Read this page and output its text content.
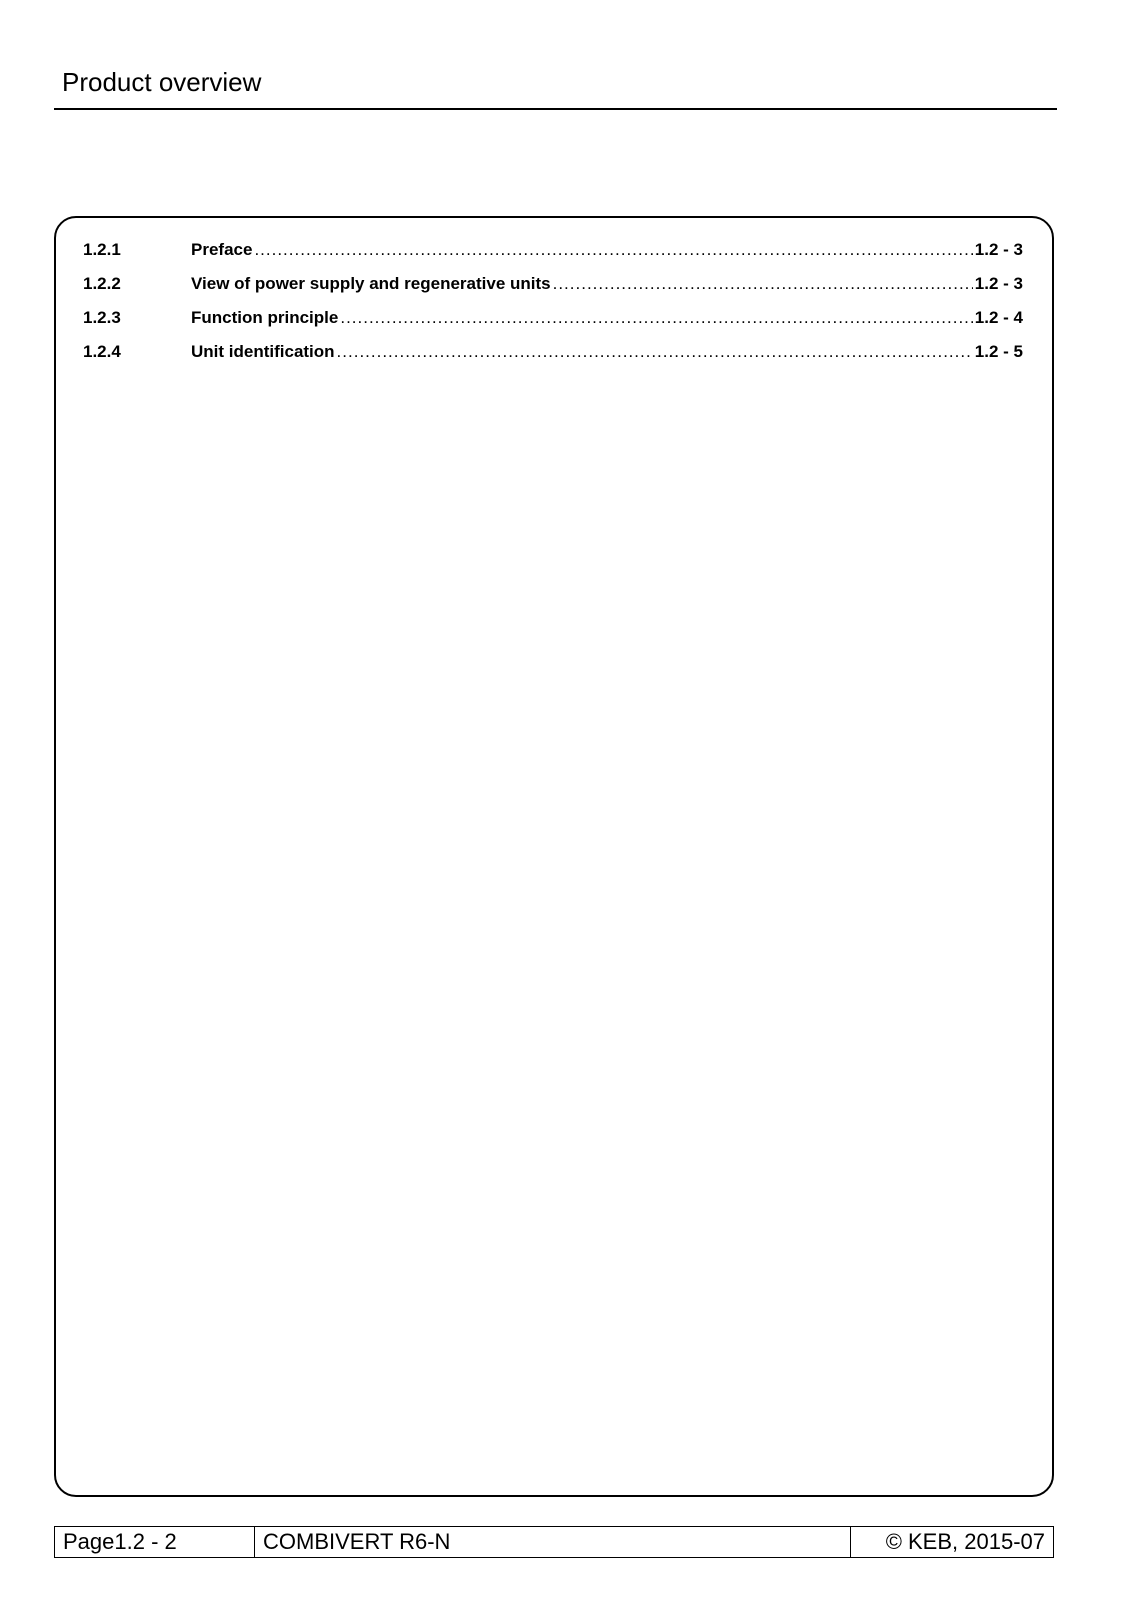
Product overview
1.2.1	Preface .....	1.2 - 3
1.2.2	View of power supply and regenerative units .....	1.2 - 3
1.2.3	Function principle .....	1.2 - 4
1.2.4	Unit identification .....	1.2 - 5
Page1.2 - 2	COMBIVERT R6-N	© KEB, 2015-07
